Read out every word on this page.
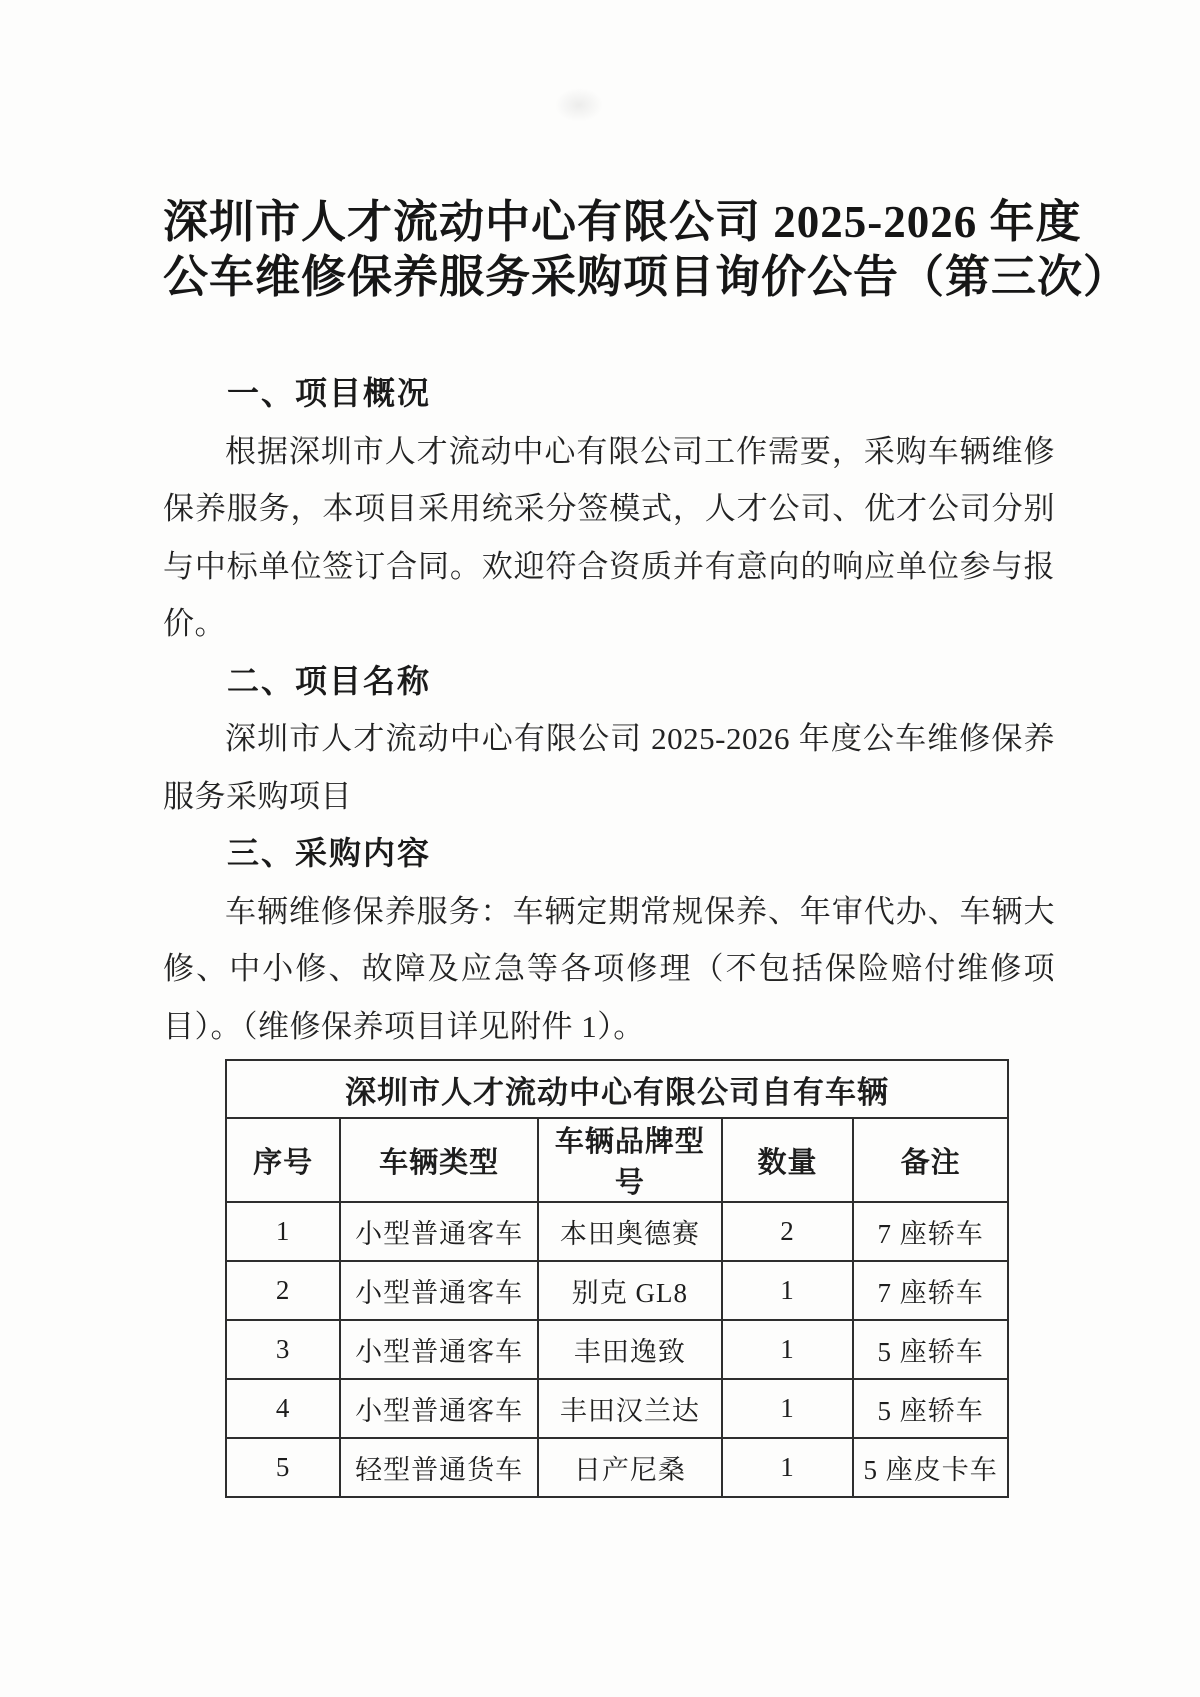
深圳市人才流动中心有限公司 2025-2026 年度
公车维修保养服务采购项目询价公告（第三次）
一、项目概况

根据深圳市人才流动中心有限公司工作需要，采购车辆维修保养服务，本项目采用统采分签模式，人才公司、优才公司分别与中标单位签订合同。欢迎符合资质并有意向的响应单位参与报价。

二、项目名称

深圳市人才流动中心有限公司 2025-2026 年度公车维修保养服务采购项目

三、采购内容

车辆维修保养服务：车辆定期常规保养、年审代办、车辆大修、中小修、故障及应急等各项修理（不包括保险赔付维修项目）。（维修保养项目详见附件 1）。

深圳市人才流动中心有限公司自有车辆				
序号	车辆类型	车辆品牌型号	数量	备注
1	小型普通客车	本田奥德赛	2	7 座轿车
2	小型普通客车	别克 GL8	1	7 座轿车
3	小型普通客车	丰田逸致	1	5 座轿车
4	小型普通客车	丰田汉兰达	1	5 座轿车
5	轻型普通货车	日产尼桑	1	5 座皮卡车
